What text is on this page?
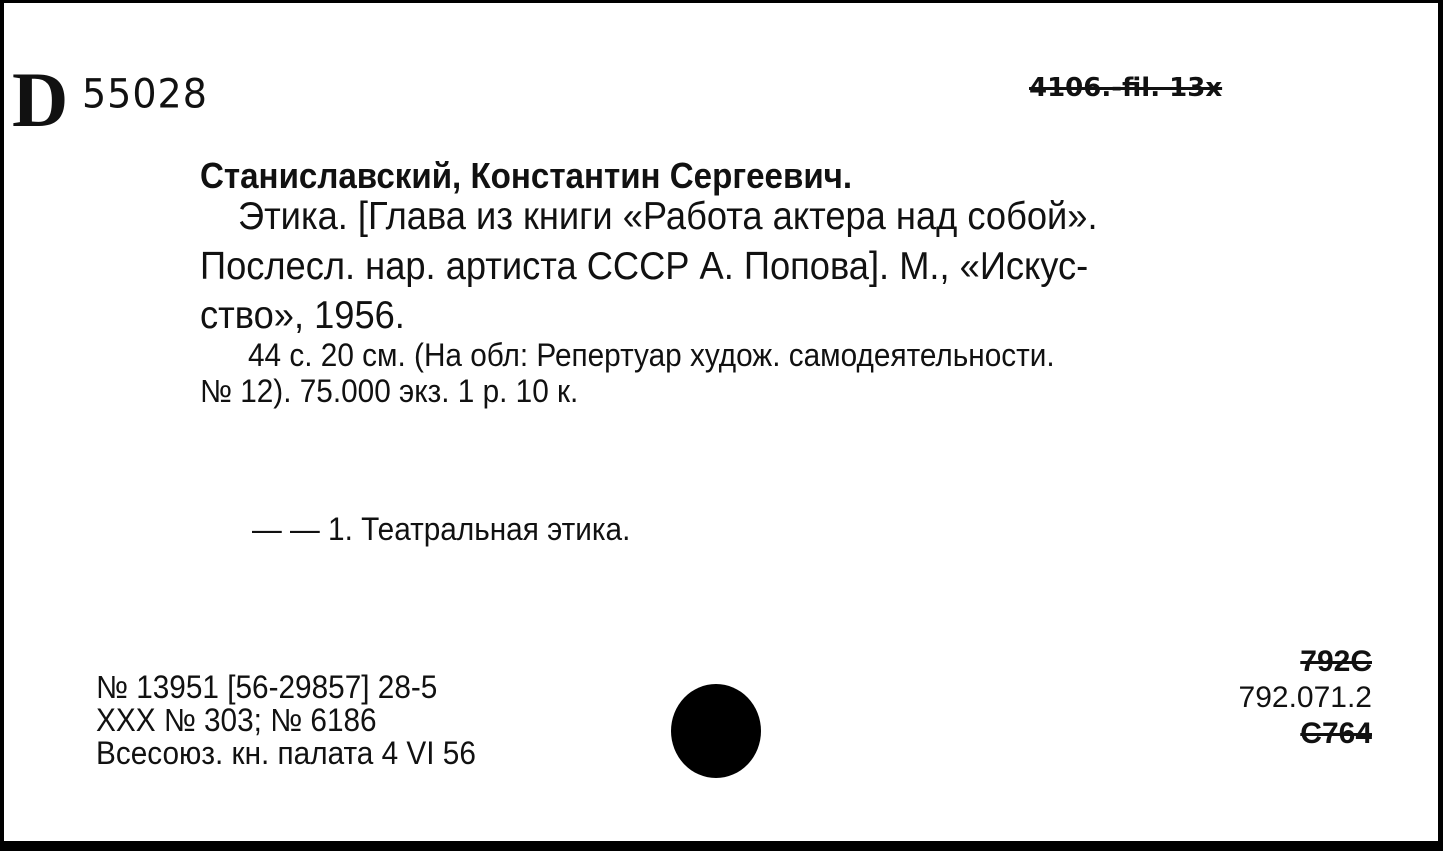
D 55028	4106.-fil. 13x
Станиславский, Константин Сергеевич.
Этика. [Глава из книги «Работа актера над собой».
Послесл. нар. артиста СССР А. Попова]. М., «Искус-
ство», 1956.
44 с. 20 см. (На обл: Репертуар худож. самодеятельности.
№ 12). 75.000 экз. 1 р. 10 к.
— — 1. Театральная этика.
№ 13951 [56-29857] 28-5
XXX № 303; № 6186
Всесоюз. кн. палата 4 VI 56
792C
792.071.2
C764
